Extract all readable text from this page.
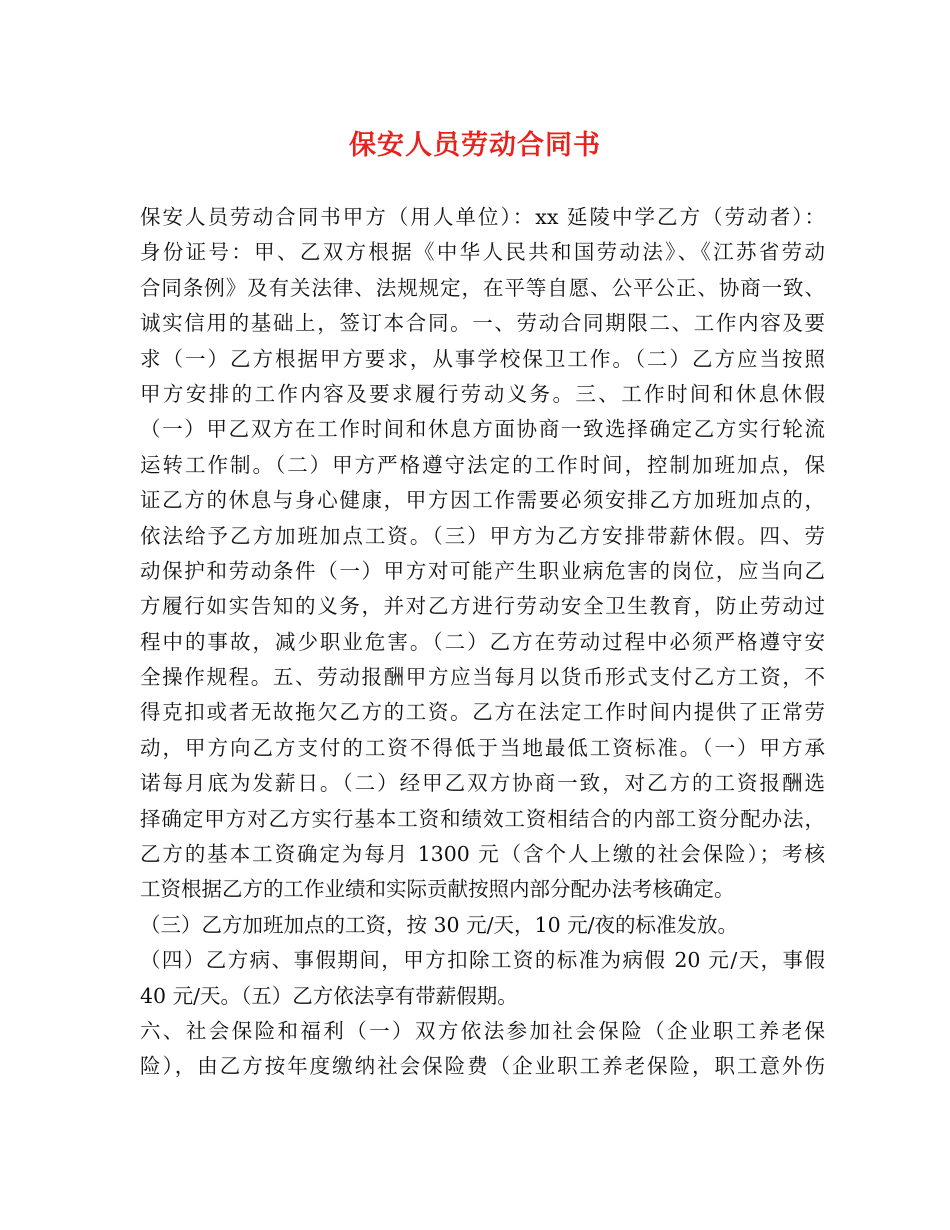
保安人员劳动合同书
保安人员劳动合同书甲方（用人单位）：xx 延陵中学乙方（劳动者）：
身份证号：甲、乙双方根据《中华人民共和国劳动法》、《江苏省劳动
合同条例》及有关法律、法规规定，在平等自愿、公平公正、协商一致、
诚实信用的基础上，签订本合同。一、劳动合同期限二、工作内容及要
求（一）乙方根据甲方要求，从事学校保卫工作。（二）乙方应当按照
甲方安排的工作内容及要求履行劳动义务。三、工作时间和休息休假
（一）甲乙双方在工作时间和休息方面协商一致选择确定乙方实行轮流
运转工作制。（二）甲方严格遵守法定的工作时间，控制加班加点，保
证乙方的休息与身心健康，甲方因工作需要必须安排乙方加班加点的，
依法给予乙方加班加点工资。（三）甲方为乙方安排带薪休假。四、劳
动保护和劳动条件（一）甲方对可能产生职业病危害的岗位，应当向乙
方履行如实告知的义务，并对乙方进行劳动安全卫生教育，防止劳动过
程中的事故，减少职业危害。（二）乙方在劳动过程中必须严格遵守安
全操作规程。五、劳动报酬甲方应当每月以货币形式支付乙方工资，不
得克扣或者无故拖欠乙方的工资。乙方在法定工作时间内提供了正常劳
动，甲方向乙方支付的工资不得低于当地最低工资标准。（一）甲方承
诺每月底为发薪日。（二）经甲乙双方协商一致，对乙方的工资报酬选
择确定甲方对乙方实行基本工资和绩效工资相结合的内部工资分配办法，
乙方的基本工资确定为每月 1300 元（含个人上缴的社会保险）；考核
工资根据乙方的工作业绩和实际贡献按照内部分配办法考核确定。
（三）乙方加班加点的工资，按 30 元/天，10 元/夜的标准发放。
（四）乙方病、事假期间，甲方扣除工资的标准为病假 20 元/天，事假
40 元/天。（五）乙方依法享有带薪假期。
六、社会保险和福利（一）双方依法参加社会保险（企业职工养老保
险），由乙方按年度缴纳社会保险费（企业职工养老保险，职工意外伤
